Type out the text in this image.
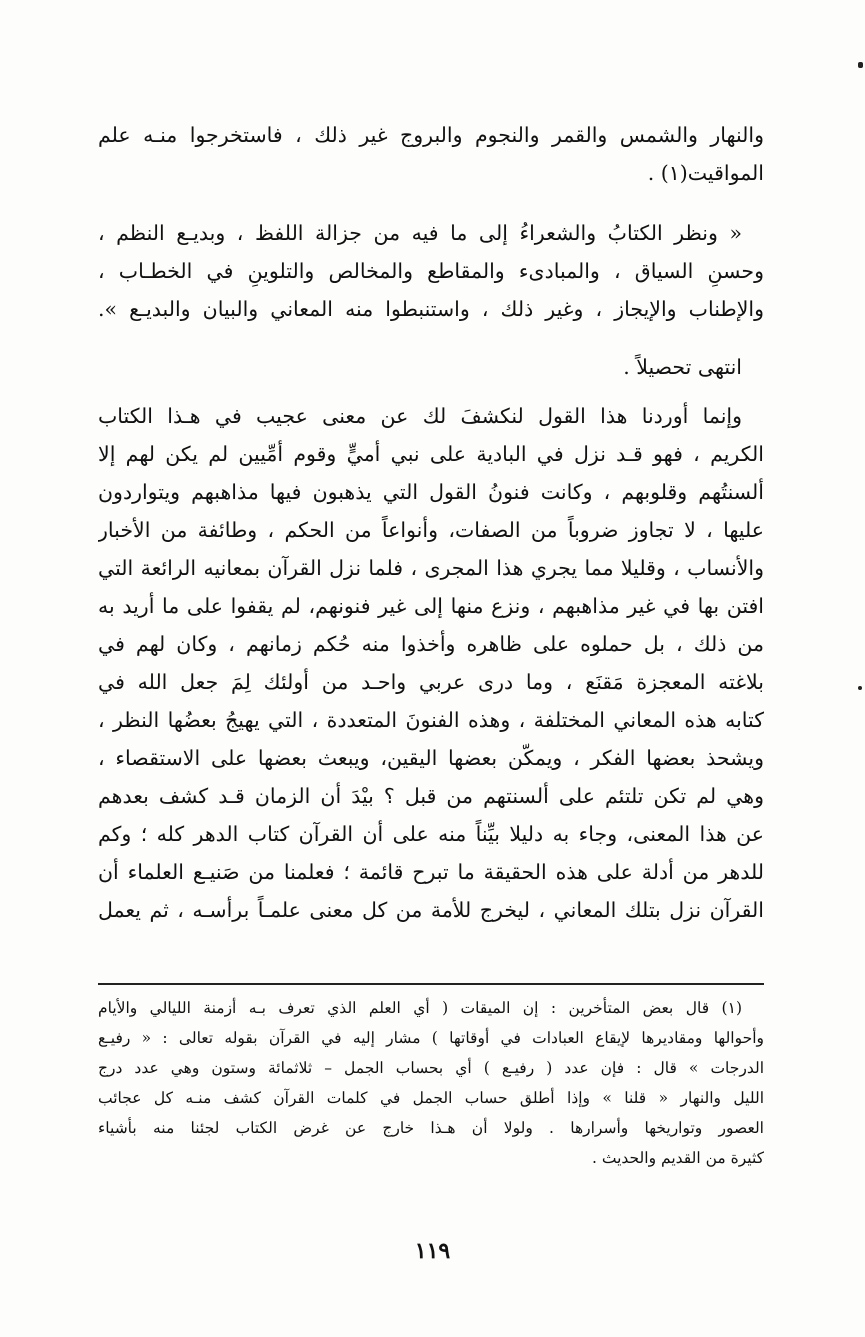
والنهار والشمس والقمر والنجوم والبروج غير ذلك ، فاستخرجوا منـه علم
المواقيت(١) .
« ونظر الكتابُ والشعراءُ إلى ما فيه من جزالة اللفظ ، وبديـع النظم ،
وحسنِ السياق ، والمبادىء والمقاطع والمخالص والتلوينِ في الخطـاب ،
والإطناب والإيجاز ، وغير ذلك ، واستنبطوا منه المعاني والبيان والبديـع ».
انتهى تحصيلاً .
وإنما أوردنا هذا القول لنكشفَ لك عن معنى عجيب في هـذا الكتاب
الكريم ، فهو قـد نزل في البادية على نبي أميٍّ وقوم أمِّيين لم يكن لهم إلا
ألسنتُهم وقلوبهم ، وكانت فنونُ القول التي يذهبون فيها مذاهبهم ويتواردون
عليها ، لا تجاوز ضروباً من الصفات، وأنواعاً من الحكم ، وطائفة من الأخبار
والأنساب ، وقليلا مما يجري هذا المجرى ، فلما نزل القرآن بمعانيه الرائعة التي
افتن بها في غير مذاهبهم ، ونزع منها إلى غير فنونهم، لم يقفوا على ما أريد به
من ذلك ، بل حملوه على ظاهره وأخذوا منه حُكم زمانهم ، وكان لهم في
بلاغته المعجزة مَقنَع ، وما درى عربي واحـد من أولئك لِمَ جعل الله في
كتابه هذه المعاني المختلفة ، وهذه الفنونَ المتعددة ، التي يهيجُ بعضُها النظر ،
ويشحذ بعضها الفكر ، ويمكّن بعضها اليقين، ويبعث بعضها على الاستقصاء ،
وهي لم تكن تلتئم على ألسنتهم من قبل ؟ بيْدَ أن الزمان قـد كشف بعدهم
عن هذا المعنى، وجاء به دليلا بيِّناً منه على أن القرآن كتاب الدهر كله ؛ وكم
للدهر من أدلة على هذه الحقيقة ما تبرح قائمة ؛ فعلمنا من صَنيـع العلماء أن
القرآن نزل بتلك المعاني ، ليخرج للأمة من كل معنى علمـاً برأسـه ، ثم يعمل
(١) قال بعض المتأخرين : إن الميقات ( أي العلم الذي تعرف بـه أزمنة الليالي والأيام
وأحوالها ومقاديرها لإيقاع العبادات في أوقاتها ) مشار إليه في القرآن بقوله تعالى : « رفيـع
الدرجات » قال : فإن عدد ( رفيـع ) أي بحساب الجمل – ثلاثمائة وستون وهي عدد درج
الليل والنهار « قلنا » وإذا أطلق حساب الجمل في كلمات القرآن كشف منـه كل عجائب
العصور وتواريخها وأسرارها . ولولا أن هـذا خارج عن غرض الكتاب لجئنا منه بأشياء
كثيرة من القديم والحديث .
١١٩
